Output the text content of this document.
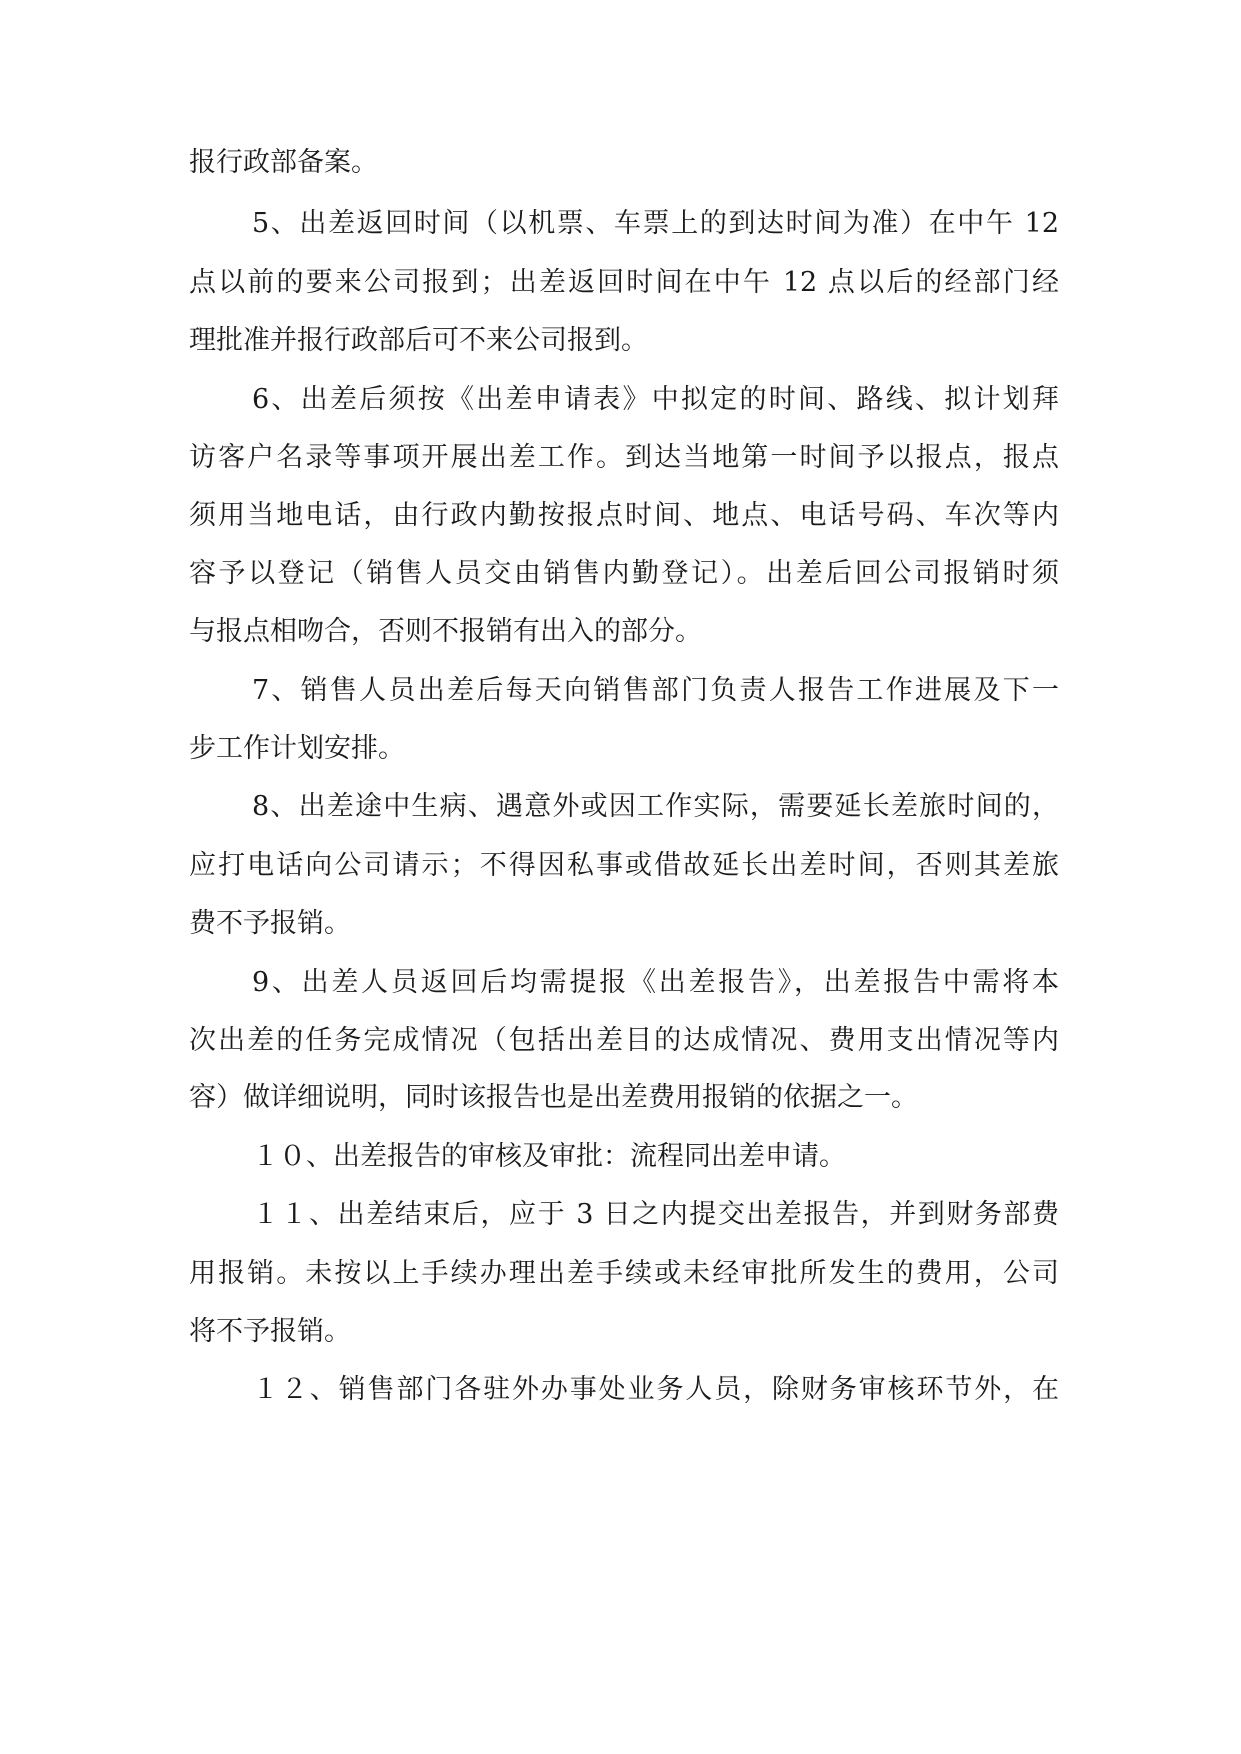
报行政部备案。

5、出差返回时间（以机票、车票上的到达时间为准）在中午 12

点以前的要来公司报到；出差返回时间在中午 12 点以后的经部门经

理批准并报行政部后可不来公司报到。

6、出差后须按《出差申请表》中拟定的时间、路线、拟计划拜

访客户名录等事项开展出差工作。到达当地第一时间予以报点，报点

须用当地电话，由行政内勤按报点时间、地点、电话号码、车次等内

容予以登记（销售人员交由销售内勤登记）。出差后回公司报销时须

与报点相吻合，否则不报销有出入的部分。

7、销售人员出差后每天向销售部门负责人报告工作进展及下一

步工作计划安排。

8、出差途中生病、遇意外或因工作实际，需要延长差旅时间的，

应打电话向公司请示；不得因私事或借故延长出差时间，否则其差旅

费不予报销。

9、出差人员返回后均需提报《出差报告》，出差报告中需将本

次出差的任务完成情况（包括出差目的达成情况、费用支出情况等内

容）做详细说明，同时该报告也是出差费用报销的依据之一。

１０、出差报告的审核及审批：流程同出差申请。

１１、出差结束后，应于 3 日之内提交出差报告，并到财务部费

用报销。未按以上手续办理出差手续或未经审批所发生的费用，公司

将不予报销。

１２、销售部门各驻外办事处业务人员，除财务审核环节外，在
